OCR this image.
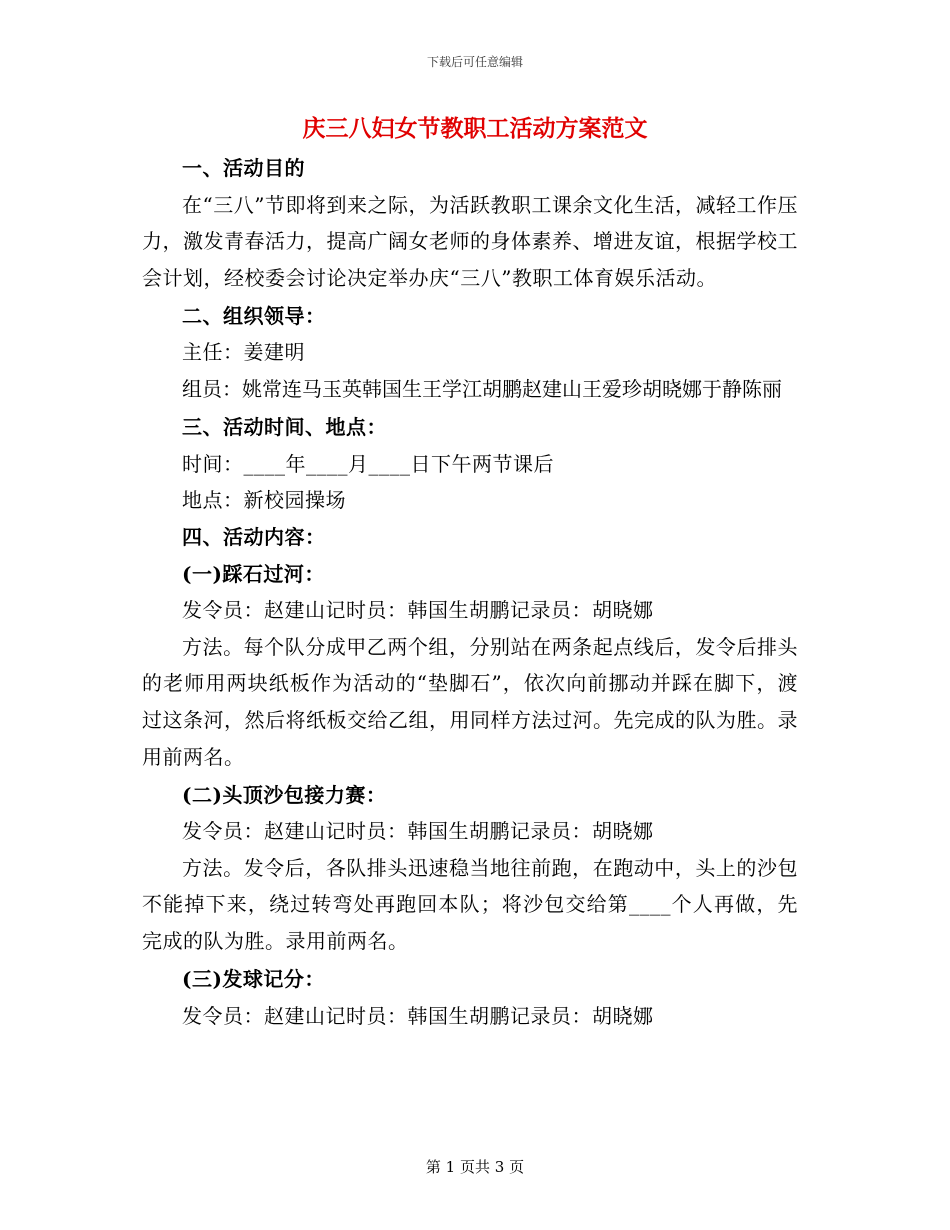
下载后可任意编辑
庆三八妇女节教职工活动方案范文

一、活动目的

在“三八”节即将到来之际，为活跃教职工课余文化生活，减轻工作压力，激发青春活力，提高广阔女老师的身体素养、增进友谊，根据学校工会计划，经校委会讨论决定举办庆“三八”教职工体育娱乐活动。

二、组织领导：

主任：姜建明

组员：姚常连马玉英韩国生王学江胡鹏赵建山王爱珍胡晓娜于静陈丽

三、活动时间、地点：

时间：____年____月____日下午两节课后

地点：新校园操场

四、活动内容：

(一)踩石过河：

发令员：赵建山记时员：韩国生胡鹏记录员：胡晓娜

方法。每个队分成甲乙两个组，分别站在两条起点线后，发令后排头的老师用两块纸板作为活动的“垫脚石”，依次向前挪动并踩在脚下，渡过这条河，然后将纸板交给乙组，用同样方法过河。先完成的队为胜。录用前两名。

(二)头顶沙包接力赛：

发令员：赵建山记时员：韩国生胡鹏记录员：胡晓娜

方法。发令后，各队排头迅速稳当地往前跑，在跑动中，头上的沙包不能掉下来，绕过转弯处再跑回本队；将沙包交给第____个人再做，先完成的队为胜。录用前两名。

(三)发球记分：

发令员：赵建山记时员：韩国生胡鹏记录员：胡晓娜

第 1 页共 3 页
